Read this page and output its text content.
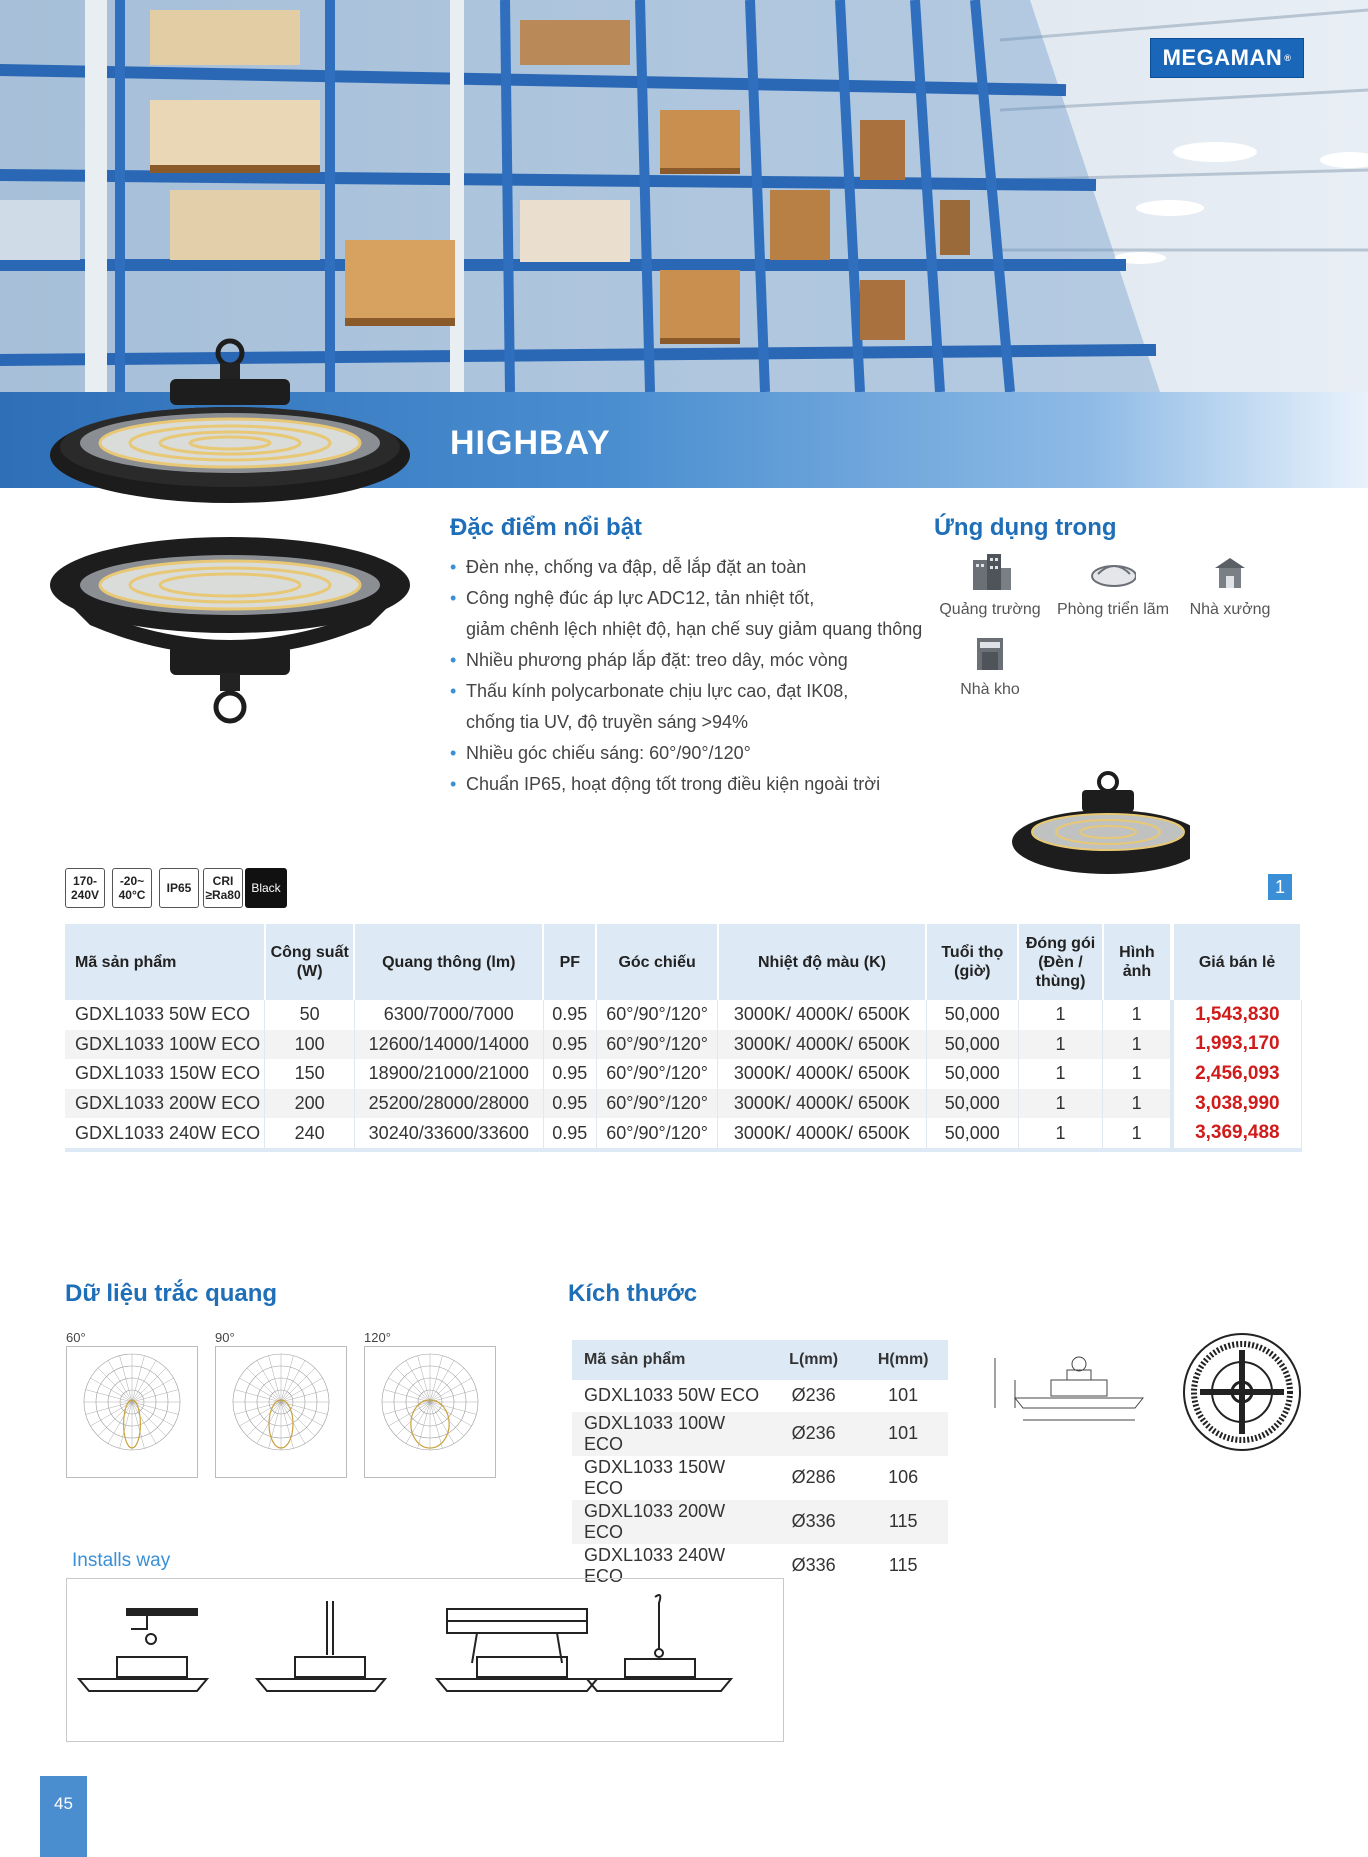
HIGHBAY
MEGAMAN ®
Đặc điểm nổi bật
• Đèn nhẹ, chống va đập, dễ lắp đặt an toàn
• Công nghệ đúc áp lực ADC12, tản nhiệt tốt,
giảm chênh lệch nhiệt độ, hạn chế suy giảm quang thông
• Nhiều phương pháp lắp đặt: treo dây, móc vòng
• Thấu kính polycarbonate chịu lực cao, đạt IK08,
chống tia UV, độ truyền sáng >94%
• Nhiều góc chiếu sáng: 60°/90°/120°
• Chuẩn IP65, hoạt động tốt trong điều kiện ngoài trời
Ứng dụng trong
Quảng trường	Phòng triển lãm	Nhà xưởng
Nhà kho
170-
240V
-20~
40°C IP65	CRI
≥Ra80 Black	1
Mã sản phẩm	Công suất (W)	Quang thông (lm)	PF	Góc chiếu	Nhiệt độ màu (K)	Tuổi thọ (giờ)	Đóng gói (Đèn / thùng)	Hình ảnh	Giá bán lẻ
GDXL1033 50W ECO	50	6300/7000/7000	0.95	60°/90°/120°	3000K/ 4000K/ 6500K	50,000	1	1	1,543,830
GDXL1033 100W ECO	100	12600/14000/14000	0.95	60°/90°/120°	3000K/ 4000K/ 6500K	50,000	1	1	1,993,170
GDXL1033 150W ECO	150	18900/21000/21000	0.95	60°/90°/120°	3000K/ 4000K/ 6500K	50,000	1	1	2,456,093
GDXL1033 200W ECO	200	25200/28000/28000	0.95	60°/90°/120°	3000K/ 4000K/ 6500K	50,000	1	1	3,038,990
GDXL1033 240W ECO	240	30240/33600/33600	0.95	60°/90°/120°	3000K/ 4000K/ 6500K	50,000	1	1	3,369,488
Dữ liệu trắc quang
60°	90°	120°
Kích thước
Mã sản phẩm	L(mm)	H(mm)
GDXL1033 50W ECO	Ø236	101
GDXL1033 100W ECO	Ø236	101
GDXL1033 150W ECO	Ø286	106
GDXL1033 200W ECO	Ø336	115
GDXL1033 240W ECO	Ø336	115
Installs way
45
